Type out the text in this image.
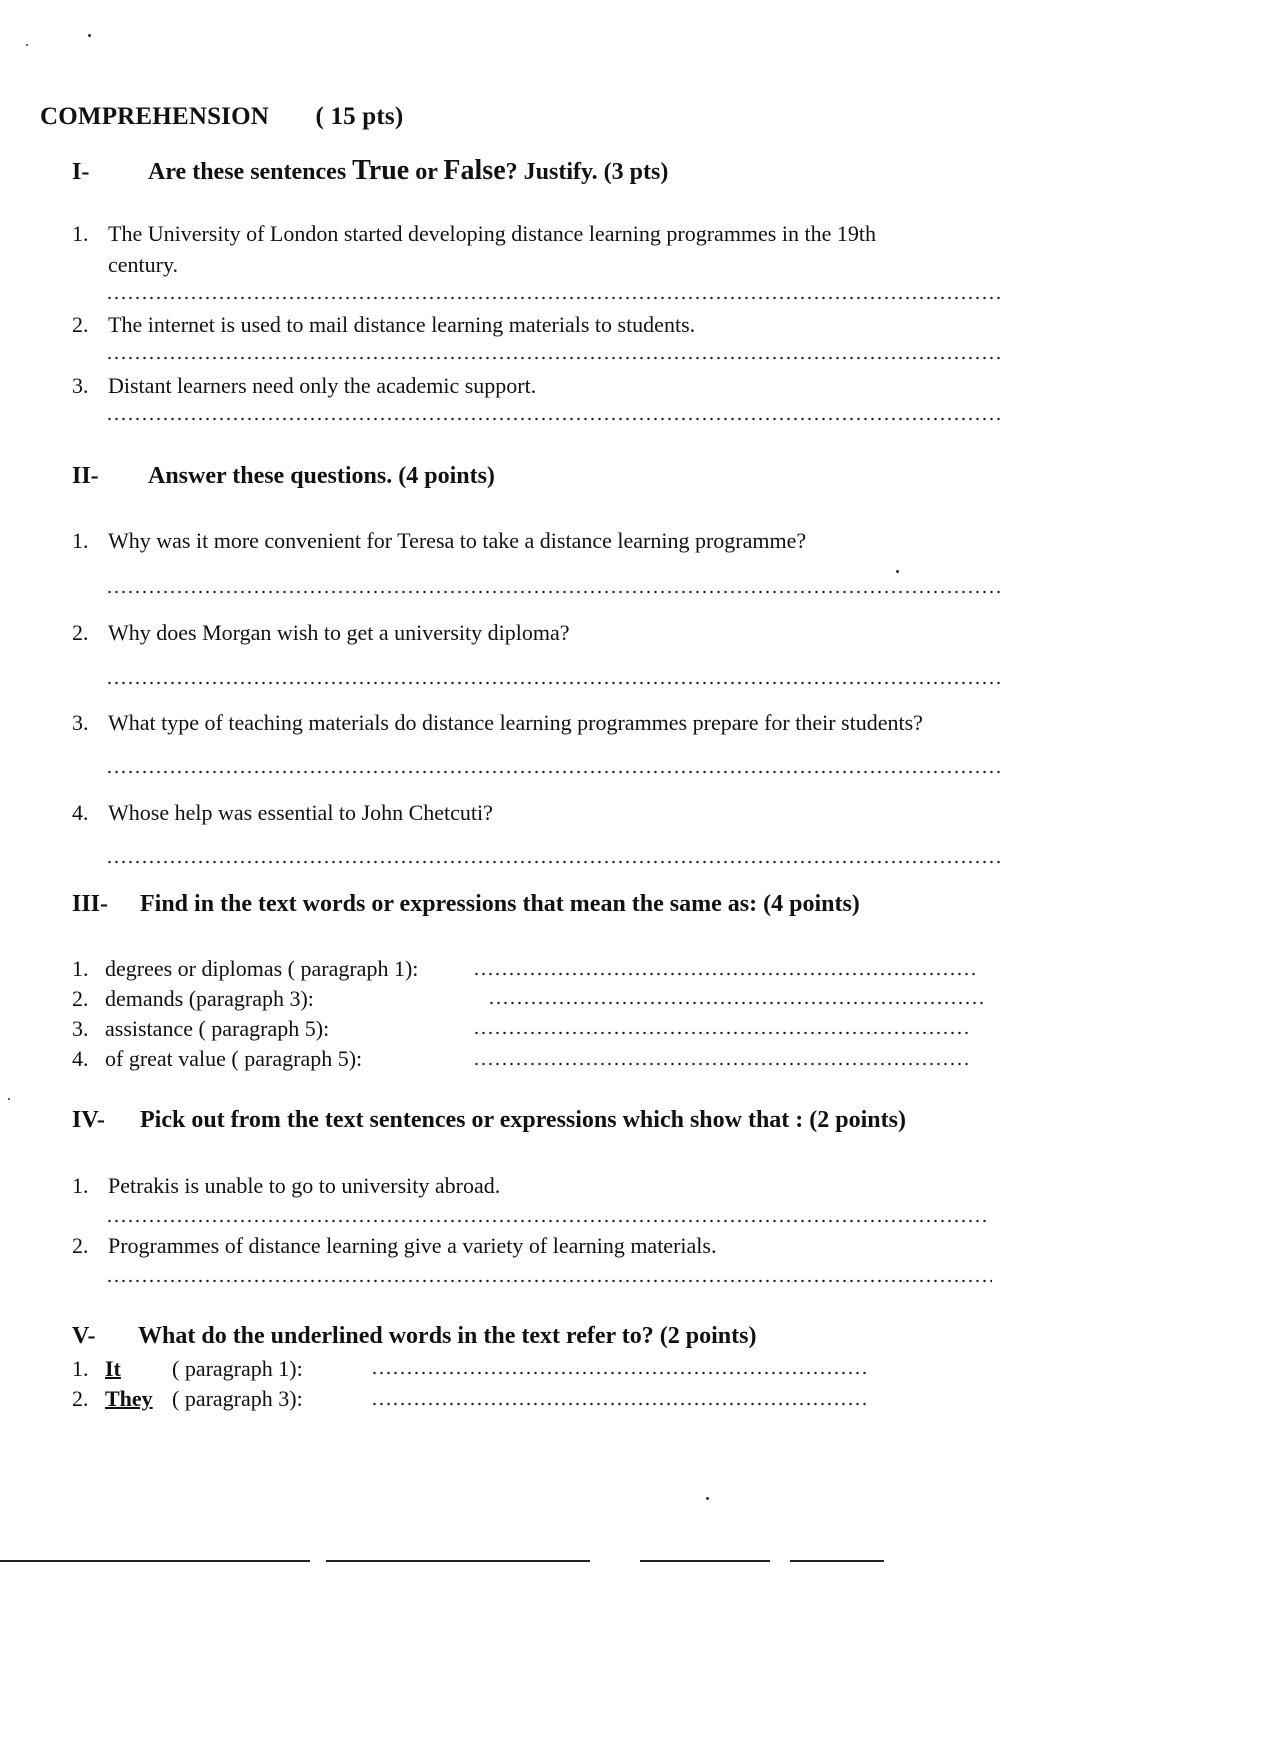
COMPREHENSION ( 15 pts)
I- Are these sentences True or False? Justify. (3 pts)
1. The University of London started developing distance learning programmes in the 19th
century.
2. The internet is used to mail distance learning materials to students.
3. Distant learners need only the academic support.
II- Answer these questions. (4 points)
1. Why was it more convenient for Teresa to take a distance learning programme?
2. Why does Morgan wish to get a university diploma?
3. What type of teaching materials do distance learning programmes prepare for their students?
4. Whose help was essential to John Chetcuti?
III- Find in the text words or expressions that mean the same as: (4 points)
1. degrees or diplomas ( paragraph 1):
2. demands (paragraph 3):
3. assistance ( paragraph 5):
4. of great value ( paragraph 5):
IV- Pick out from the text sentences or expressions which show that : (2 points)
1. Petrakis is unable to go to university abroad.
2. Programmes of distance learning give a variety of learning materials.
V- What do the underlined words in the text refer to? (2 points)
1. It ( paragraph 1):
2. They ( paragraph 3):
